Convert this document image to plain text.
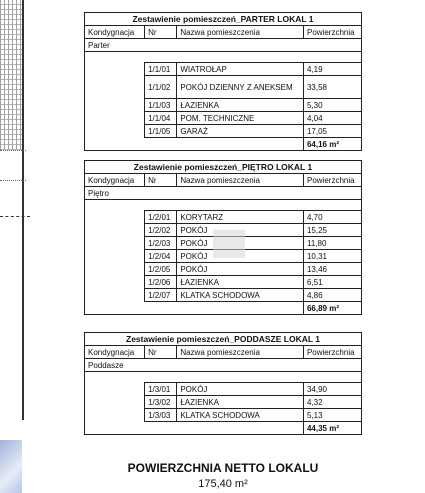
Zestawienie pomieszczeń_PARTER LOKAL 1			
Kondygnacja	Nr	Nazwa pomieszczenia	Powierzchnia
Parter			

	1/1/01	WIATROŁAP	4,19
	1/1/02	POKÓJ DZIENNY Z ANEKSEM	33,58
	1/1/03	ŁAZIENKA	5,30
	1/1/04	POM. TECHNICZNE	4,04
	1/1/05	GARAŻ	17,05
			64,16 m²
Zestawienie pomieszczeń_PIĘTRO LOKAL 1			
Kondygnacja	Nr	Nazwa pomieszczenia	Powierzchnia
Piętro			

	1/2/01	KORYTARZ	4,70
	1/2/02	POKÓJ	15,25
	1/2/03	POKÓJ	11,80
	1/2/04	POKÓJ	10,31
	1/2/05	POKÓJ	13,46
	1/2/06	ŁAZIENKA	6,51
	1/2/07	KLATKA SCHODOWA	4,86
			66,89 m²
Zestawienie pomieszczeń_PODDASZE LOKAL 1			
Kondygnacja	Nr	Nazwa pomieszczenia	Powierzchnia
Poddasze			

	1/3/01	POKÓJ	34,90
	1/3/02	ŁAZIENKA	4,32
	1/3/03	KLATKA SCHODOWA	5,13
			44,35 m²
POWIERZCHNIA NETTO LOKALU
175,40 m²
